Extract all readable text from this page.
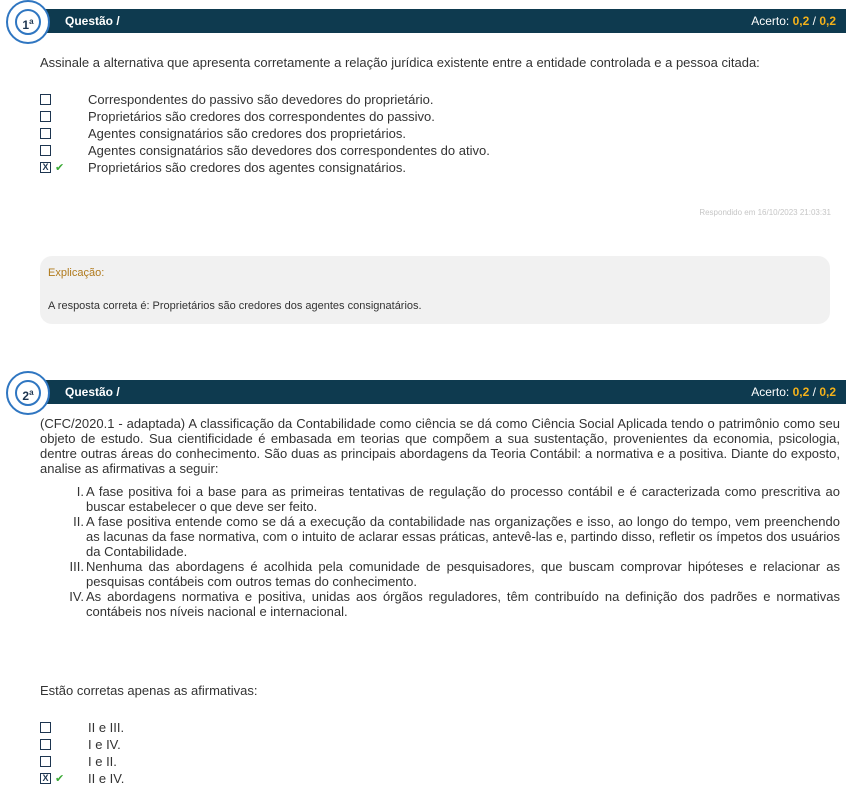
Questão /	Acerto: 0,2 / 0,2
1$^a$
Assinale a alternativa que apresenta corretamente a relação jurídica existente entre a entidade controlada e a pessoa citada:
Correspondentes do passivo são devedores do proprietário.
Proprietários são credores dos correspondentes do passivo.
Agentes consignatários são credores dos proprietários.
Agentes consignatários são devedores dos correspondentes do ativo.
X ✔ Proprietários são credores dos agentes consignatários.
Respondido em 16/10/2023 21:03:31
Explicação:
A resposta correta é: Proprietários são credores dos agentes consignatários.
Questão /	Acerto: 0,2 / 0,2
2$^a$
(CFC/2020.1 - adaptada) A classificação da Contabilidade como ciência se dá como Ciência Social Aplicada tendo o patrimônio como seu objeto de estudo. Sua cientificidade é embasada em teorias que compõem a sua sustentação, provenientes da economia, psicologia, dentre outras áreas do conhecimento. São duas as principais abordagens da Teoria Contábil: a normativa e a positiva. Diante do exposto, analise as afirmativas a seguir:
I. A fase positiva foi a base para as primeiras tentativas de regulação do processo contábil e é caracterizada como prescritiva ao buscar estabelecer o que deve ser feito.
II. A fase positiva entende como se dá a execução da contabilidade nas organizações e isso, ao longo do tempo, vem preenchendo as lacunas da fase normativa, com o intuito de aclarar essas práticas, antevê-las e, partindo disso, refletir os ímpetos dos usuários da Contabilidade.
III. Nenhuma das abordagens é acolhida pela comunidade de pesquisadores, que buscam comprovar hipóteses e relacionar as pesquisas contábeis com outros temas do conhecimento.
IV. As abordagens normativa e positiva, unidas aos órgãos reguladores, têm contribuído na definição dos padrões e normativas contábeis nos níveis nacional e internacional.
Estão corretas apenas as afirmativas:
II e III.
I e IV.
I e II.
X ✔ II e IV.
